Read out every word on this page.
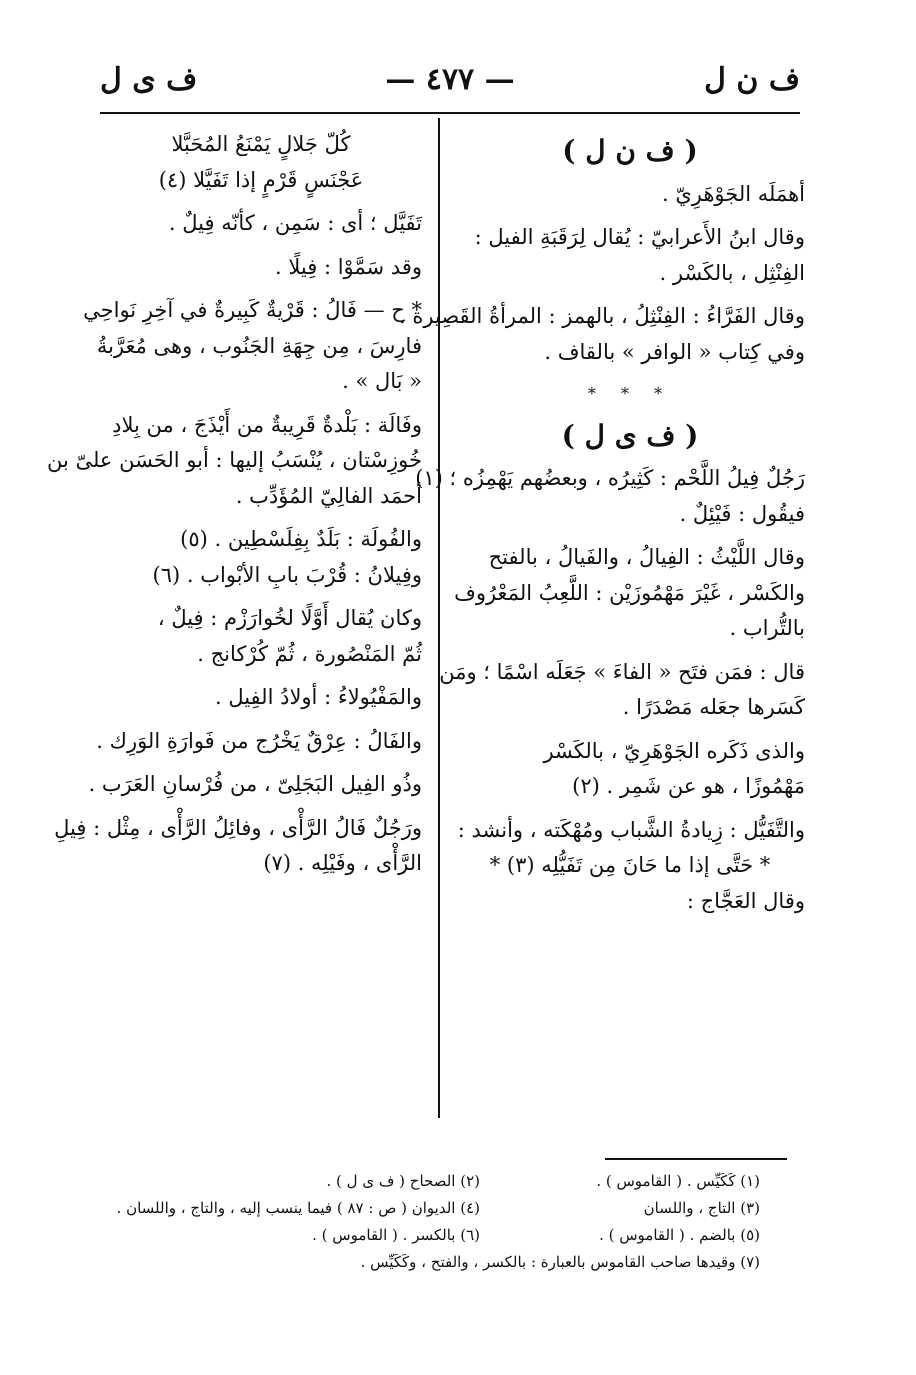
ف ى ل	— ٤٧٧ —	ف ن ل
( ف ن ل )
أهمَلَه الجَوْهَرِيّ .
وقال ابنُ الأَعرابيّ : يُقال لِرَقَبَةِ الفيل :
الفِنْثِل ، بالكَسْر .
وقال الفَرَّاءُ : الفِنْثِلُ ، بالهمز : المرأةُ القَصِيرة .
وفي كِتاب « الوافر » بالقاف .
* * *
( ف ى ل )
رَجُلٌ فِيلُ اللَّحْم : كَثِيرُه ، وبعضُهم يَهْمِزُه ؛ (١)
فيقُول : فَيْئِلٌ .
وقال اللَّيْثُ : الفِيالُ ، والفَيالُ ، بالفتح
والكَسْر ، غَيْرَ مَهْمُوزَيْن : اللَّعِبُ المَعْرُوف
بالتُّراب .
قال : فمَن فتَح « الفاءَ » جَعَلَه اسْمًا ؛ ومَن
كَسَرها جعَله مَصْدَرًا .
والذى ذَكَره الجَوْهَرِيّ ، بالكَسْر
مَهْمُوزًا ، هو عن شَمِر . (٢)
والتَّفَيُّل : زِيادةُ الشَّباب ومُهْكَته ، وأنشد :
* حَتَّى إذا ما حَانَ مِن تَفَيُّلِه (٣) *
وقال العَجَّاج :
كُلّ جَلالٍ يَمْنَعُ المُحَبَّلا
عَجْنَسٍ قَرْمٍ إذا تَفَيَّلا (٤)
تَفَيَّل ؛ أى : سَمِن ، كأنّه فِيلٌ .
وقد سَمَّوْا : فِيلًا .
* ح — فَالُ : قَرْيةٌ كَبِيرةٌ في آخِرِ نَواحِي
فارِسَ ، مِن جِهَةِ الجَنُوب ، وهى مُعَرَّبةُ
« بَال » .
وفَالَة : بَلْدةٌ قَرِيبةٌ من أَيْذَجَ ، من بِلادِ
خُوزِسْتان ، يُنْسَبُ إليها : أبو الحَسَن علىّ بن
أحمَد الفالِيّ المُؤَدِّب .
والفُولَة : بَلَدٌ بِفِلَسْطِين . (٥)
وفِيلانُ : قُرْبَ بابِ الأبْواب . (٦)
وكان يُقال أَوَّلًا لخُوارَزْم : فِيلٌ ،
ثُمّ المَنْصُورة ، ثُمّ كُرْكانج .
والمَفْيُولاءُ : أولادُ الفِيل .
والفَالُ : عِرْقٌ يَخْرُج من فَوارَةِ الوَرِك .
وذُو الفِيل البَجَلِىّ ، من فُرْسانِ العَرَب .
ورَجُلٌ فَالُ الرَّأْى ، وفائِلُ الرَّأْى ، مِثْل : فِيلِ
الرَّأْى ، وفَيْلِه . (٧)
(١) كَكَيِّس . ( القاموس ) .
(٢) الصحاح ( ف ى ل ) .
(٣) التاج ، واللسان
(٤) الديوان ( ص : ٨٧ ) فيما ينسب إليه ، والتاج ، واللسان .
(٥) بالضم . ( القاموس ) .
(٦) بالكسر . ( القاموس ) .
(٧) وقيدها صاحب القاموس بالعبارة : بالكسر ، والفتح ، وكَكَيِّس .
